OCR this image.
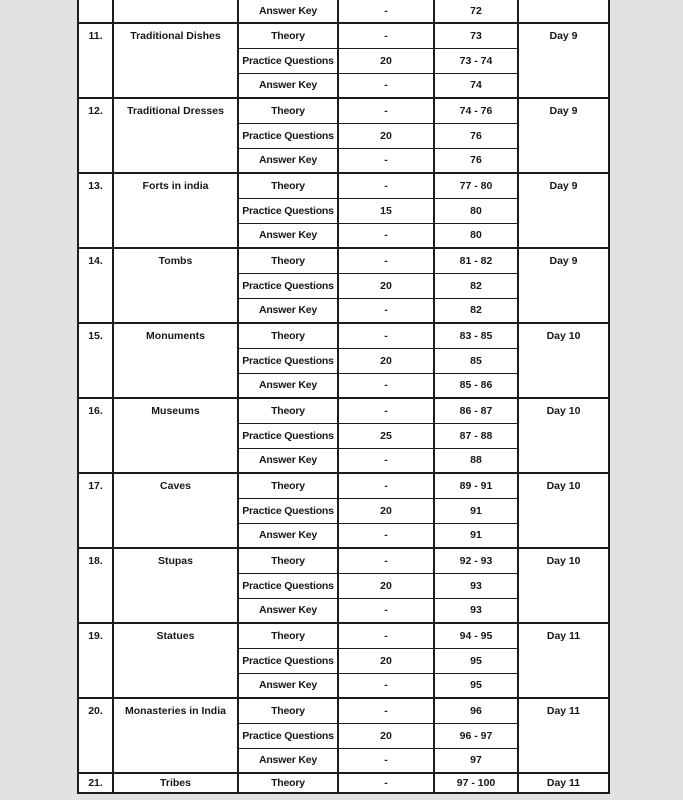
		Answer Key	-	72	
11.	Traditional Dishes	Theory	-	73	Day 9
		Practice Questions	20	73 - 74	
		Answer Key	-	74	
12.	Traditional Dresses	Theory	-	74 - 76	Day 9
		Practice Questions	20	76	
		Answer Key	-	76	
13.	Forts in india	Theory	-	77 - 80	Day 9
		Practice Questions	15	80	
		Answer Key	-	80	
14.	Tombs	Theory	-	81 - 82	Day 9
		Practice Questions	20	82	
		Answer Key	-	82	
15.	Monuments	Theory	-	83 - 85	Day 10
		Practice Questions	20	85	
		Answer Key	-	85 - 86	
16.	Museums	Theory	-	86 - 87	Day 10
		Practice Questions	25	87 - 88	
		Answer Key	-	88	
17.	Caves	Theory	-	89 - 91	Day 10
		Practice Questions	20	91	
		Answer Key	-	91	
18.	Stupas	Theory	-	92 - 93	Day 10
		Practice Questions	20	93	
		Answer Key	-	93	
19.	Statues	Theory	-	94 - 95	Day 11
		Practice Questions	20	95	
		Answer Key	-	95	
20.	Monasteries in India	Theory	-	96	Day 11
		Practice Questions	20	96 - 97	
		Answer Key	-	97	
21.	Tribes	Theory	-	97 - 100	Day 11
